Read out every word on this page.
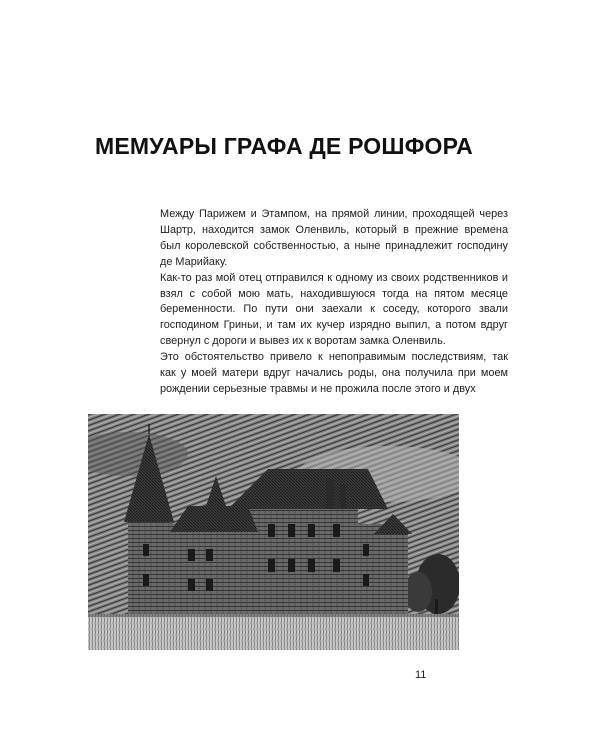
МЕМУАРЫ ГРАФА ДЕ РОШФОРА

Между Парижем и Этампом, на прямой линии, проходящей через Шартр, находится замок Оленвиль, который в прежние времена был королевской собственностью, а ныне принадлежит господину де Марийаку.

Как-то раз мой отец отправился к одному из своих родственников и взял с собой мою мать, находившуюся тогда на пятом месяце беременности. По пути они заехали к соседу, которого звали господином Гриньи, и там их кучер изрядно выпил, а потом вдруг свернул с дороги и вывез их к воротам замка Оленвиль.

Это обстоятельство привело к непоправимым последствиям, так как у моей матери вдруг начались роды, она получила при моем рождении серьезные травмы и не прожила после этого и двух

11
